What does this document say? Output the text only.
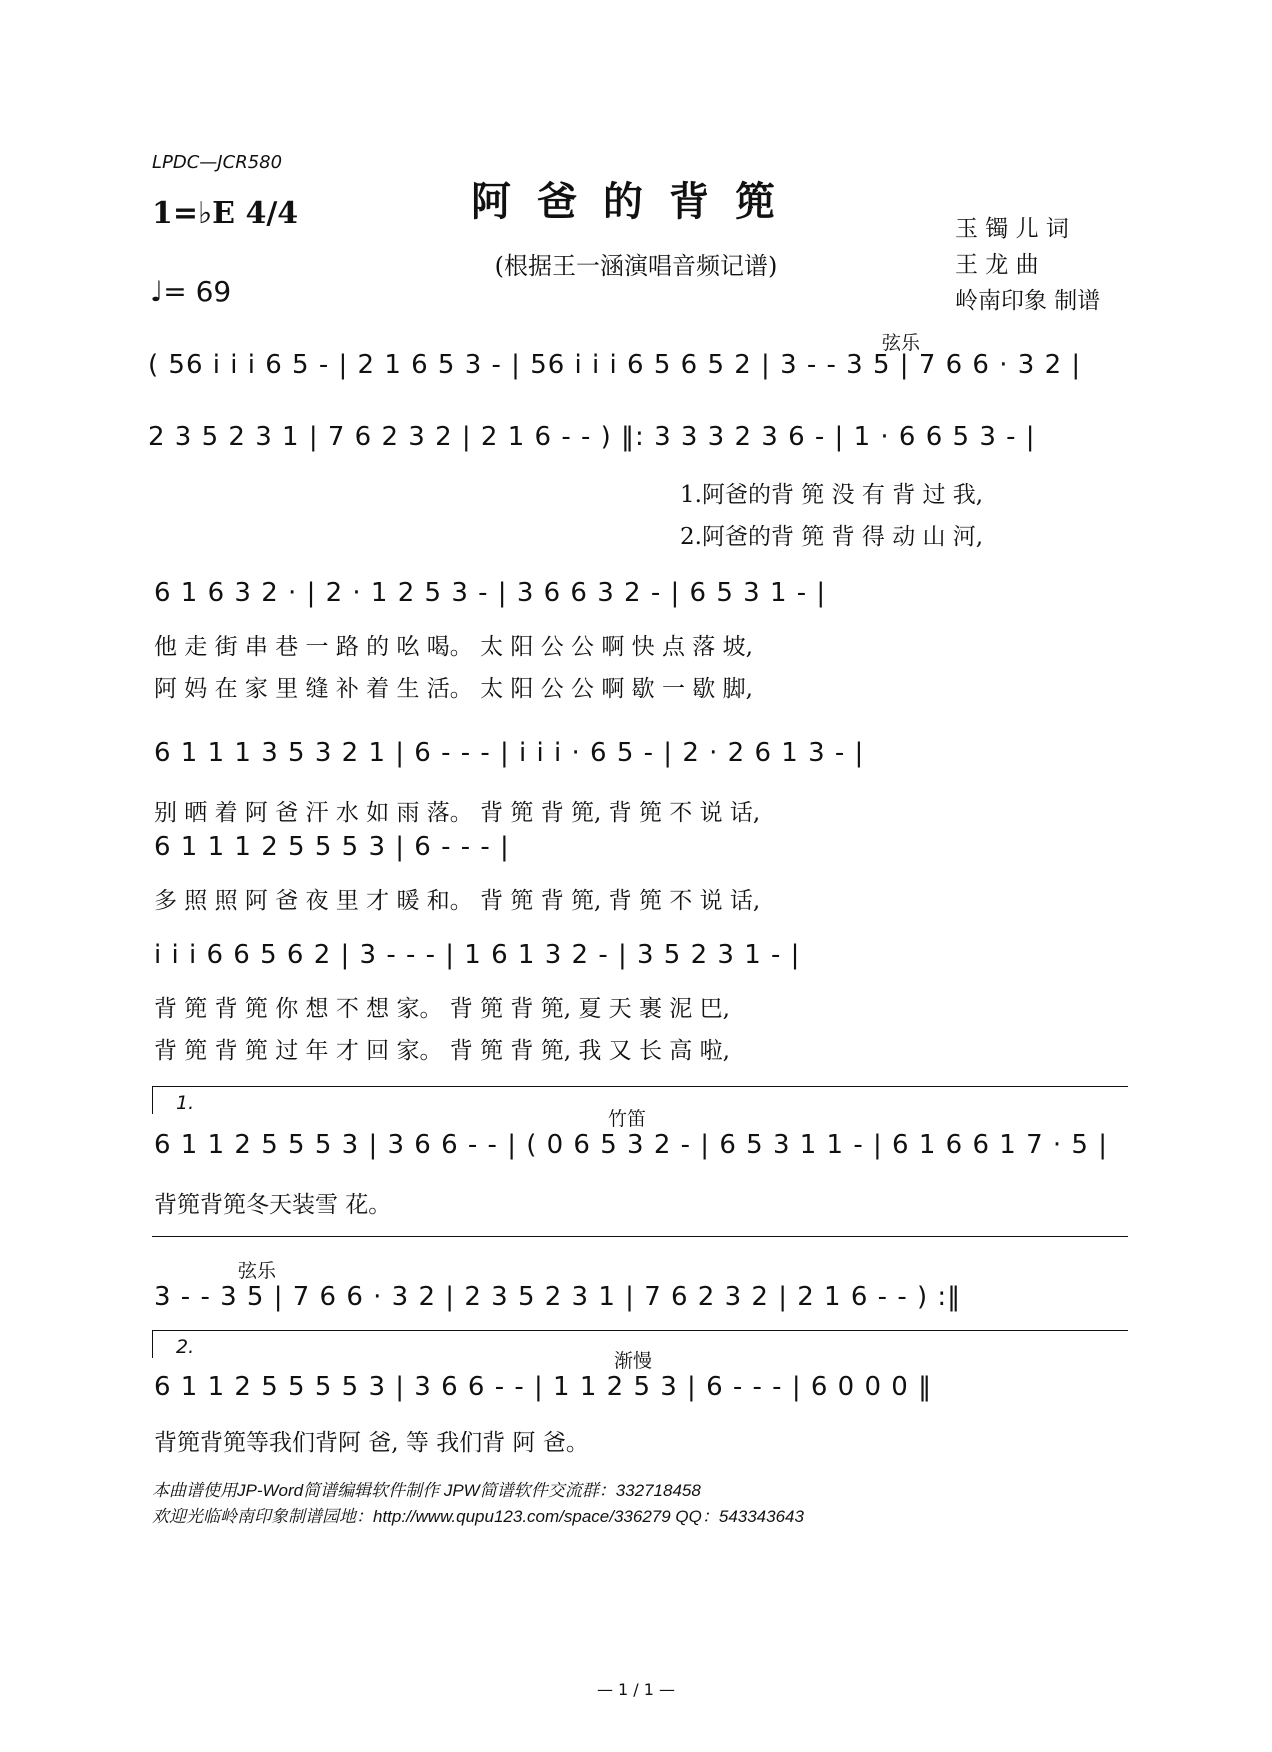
LPDC—JCR580
阿爸的背篼
(根据王一涵演唱音频记谱)
1=♭E 4/4
♩= 69
玉 镯 儿 词
王 龙 曲
岭南印象 制谱
弦乐
( 56 i i i 6 5 - | 2 1 6 5 3 - | 56 i i i 6 5 6 5 2 | 3 - - 3 5 | 7 6 6 · 3 2 |
2 3 5 2 3 1 | 7 6 2 3 2 | 2 1 6 - - ) ‖: 3 3 3 2 3 6 - | 1 · 6 6 5 3 - |
1.阿爸的背 篼 没 有 背 过 我,
2.阿爸的背 篼 背 得 动 山 河,
6 1 6 3 2 · | 2 · 1 2 5 3 - | 3 6 6 3 2 - | 6 5 3 1 - |
他 走 街 串 巷 一 路 的 吆 喝。 太 阳 公 公 啊 快 点 落 坡,
阿 妈 在 家 里 缝 补 着 生 活。 太 阳 公 公 啊 歇 一 歇 脚,
6 1 1 1 3 5 3 2 1 | 6 - - - | i i i · 6 5 - | 2 · 2 6 1 3 - |
别 晒 着 阿 爸 汗 水 如 雨 落。 背 篼 背 篼, 背 篼 不 说 话,
6 1 1 1 2 5 5 5 3 | 6 - - - |
多 照 照 阿 爸 夜 里 才 暖 和。 背 篼 背 篼, 背 篼 不 说 话,
i i i 6 6 5 6 2 | 3 - - - | 1 6 1 3 2 - | 3 5 2 3 1 - |
背 篼 背 篼 你 想 不 想 家。 背 篼 背 篼, 夏 天 裹 泥 巴,
背 篼 背 篼 过 年 才 回 家。 背 篼 背 篼, 我 又 长 高 啦,
1.
竹笛
6 1 1 2 5 5 5 3 | 3 6 6 - - | ( 0 6 5 3 2 - | 6 5 3 1 1 - | 6 1 6 6 1 7 · 5 |
背篼背篼冬天装雪 花。
弦乐
3 - - 3 5 | 7 6 6 · 3 2 | 2 3 5 2 3 1 | 7 6 2 3 2 | 2 1 6 - - ) :‖
2.
渐慢
6 1 1 2 5 5 5 5 3 | 3 6 6 - - | 1 1 2 5 3 | 6 - - - | 6 0 0 0 ‖
背篼背篼等我们背阿 爸, 等 我们背 阿 爸。
本曲谱使用JP-Word简谱编辑软件制作 JPW简谱软件交流群：332718458
欢迎光临岭南印象制谱园地：http://www.qupu123.com/space/336279 QQ：543343643
— 1 / 1 —
